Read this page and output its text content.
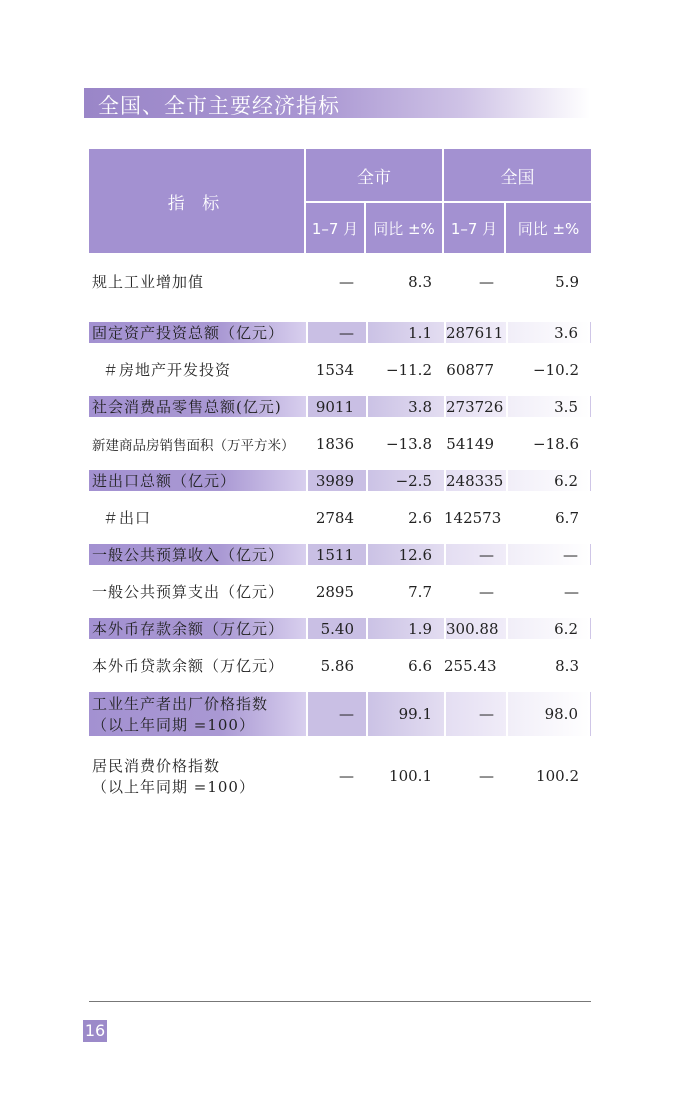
全国、全市主要经济指标
指 标	全市		全国	
	1–7 月	同比 ±%	1–7 月	同比 ±%
规上工业增加值	—	8.3	—	5.9

固定资产投资总额（亿元）	—	1.1	287611	3.6
＃房地产开发投资	1534	−11.2	60877	−10.2
社会消费品零售总额(亿元)	9011	3.8	273726	3.5
新建商品房销售面积（万平方米）	1836	−13.8	54149	−18.6
进出口总额（亿元）	3989	−2.5	248335	6.2
＃出口	2784	2.6	142573	6.7
一般公共预算收入（亿元）	1511	12.6	—	—
一般公共预算支出（亿元）	2895	7.7	—	—
本外币存款余额（万亿元）	5.40	1.9	300.88	6.2
本外币贷款余额（万亿元）	5.86	6.6	255.43	8.3

工业生产者出厂价格指数
（以上年同期 =100）	—	99.1	—	98.0

居民消费价格指数
（以上年同期 =100）	—	100.1	—	100.2
16
